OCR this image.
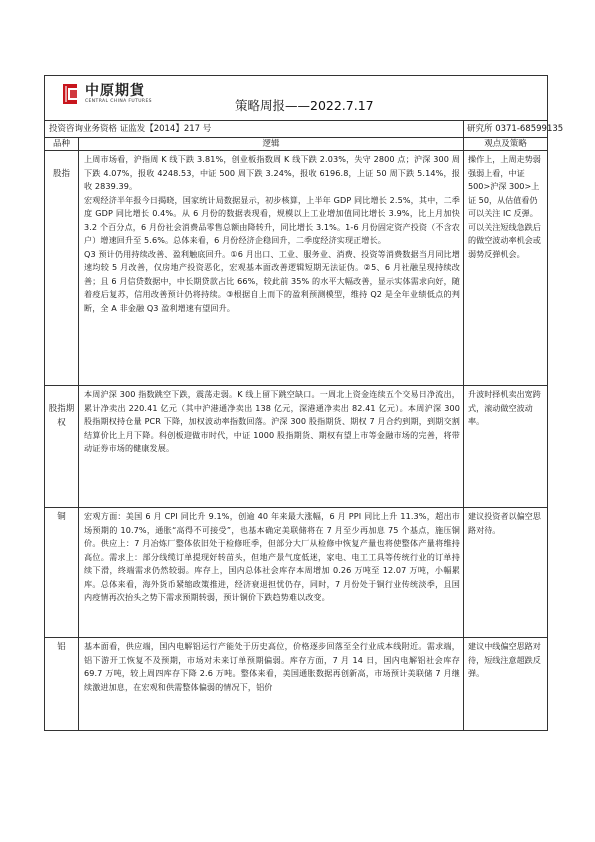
中原期貨
CENTRAL CHINA FUTURES 策略周报——2022.7.17		

投资咨询业务资格 证监发【2014】217 号		研究所 0371-68599135
品种	逻辑	观点及策略
股指	上周市场看，沪指周 K 线下跌 3.81%，创业板指数周 K 线下跌 2.03%，失守 2800 点；沪深 300 周下跌 4.07%，报收 4248.53，中证 500 周下跌 3.24%，报收 6196.8，上证 50 周下跌 5.14%，报收 2839.39。

宏观经济半年报今日揭晓，国家统计局数据显示，初步核算，上半年 GDP 同比增长 2.5%，其中，二季度 GDP 同比增长 0.4%。从 6 月份的数据表现看，规模以上工业增加值同比增长 3.9%，比上月加快 3.2 个百分点，6 月份社会消费品零售总额由降转升，同比增长 3.1%。1-6 月份固定资产投资（不含农户）增速回升至 5.6%。总体来看，6 月份经济企稳回升，二季度经济实现正增长。

Q3 预计仍用持续改善、盈利触底回升。①6 月出口、工业、服务业、消费、投资等消费数据当月同比增速均较 5 月改善，仅房地产投资恶化，宏观基本面改善逻辑短期无法证伪。②5、6 月社融呈现持续改善；且 6 月信贷数据中，中长期贷款占比 66%，较此前 35% 的水平大幅改善，显示实体需求向好，随着疫后复苏，信用改善预计仍将持续。③根据自上而下的盈利预测模型，维持 Q2 是全年业绩低点的判断，全 A 非金融 Q3 盈利增速有望回升。	操作上，上周走势弱强弱上看，中证 500>沪深 300>上证 50，从估值看仍可以关注 IC 反弹。可以关注短线急跌后的做空波动率机会或弱势反弹机会。
股指期权	本周沪深 300 指数跳空下跌，震荡走弱。K 线上留下跳空缺口。一周北上资金连续五个交易日净流出，累计净卖出 220.41 亿元（其中沪港通净卖出 138 亿元，深港通净卖出 82.41 亿元）。本周沪深 300 股指期权持仓量 PCR 下降，加权波动率指数回落。沪深 300 股指期货、期权 7 月合约到期，到期交割结算价比上月下降。科创板迎做市时代，中证 1000 股指期货、期权有望上市等金融市场的完善，将带动证券市场的健康发展。	升波时择机卖出宽跨式，滚动做空波动率。
铜	宏观方面：美国 6 月 CPI 同比升 9.1%，创逾 40 年来最大涨幅，6 月 PPI 同比上升 11.3%，超出市场预期的 10.7%，通胀“高得不可接受”，也基本确定美联储将在 7 月至少再加息 75 个基点，施压铜价。供应上：7 月冶炼厂整体依旧处于检修旺季，但部分大厂从检修中恢复产量也将使整体产量将维持高位。需求上：部分线缆订单提现好转苗头，但地产景气度低迷，家电、电工工具等传统行业的订单持续下滑，终端需求仍然较弱。库存上，国内总体社会库存本周增加 0.26 万吨至 12.07 万吨，小幅累库。总体来看，海外货币紧缩政策推进，经济衰退担忧仍存，同时，7 月份处于铜行业传统淡季，且国内疫情再次抬头之势下需求预期转弱，预计铜价下跌趋势难以改变。	建议投资者以偏空思路对待。
铝	基本面看，供应端，国内电解铝运行产能处于历史高位，价格逐步回落至全行业成本线附近。需求端，铝下游开工恢复不及预期，市场对未来订单预期偏弱。库存方面，7 月 14 日，国内电解铝社会库存 69.7 万吨，较上周四库存下降 2.6 万吨。整体来看，美国通胀数据再创新高，市场预计美联储 7 月继续激进加息，在宏观和供需整体偏弱的情况下，铝价	建议中线偏空思路对待，短线注意超跌反弹。
